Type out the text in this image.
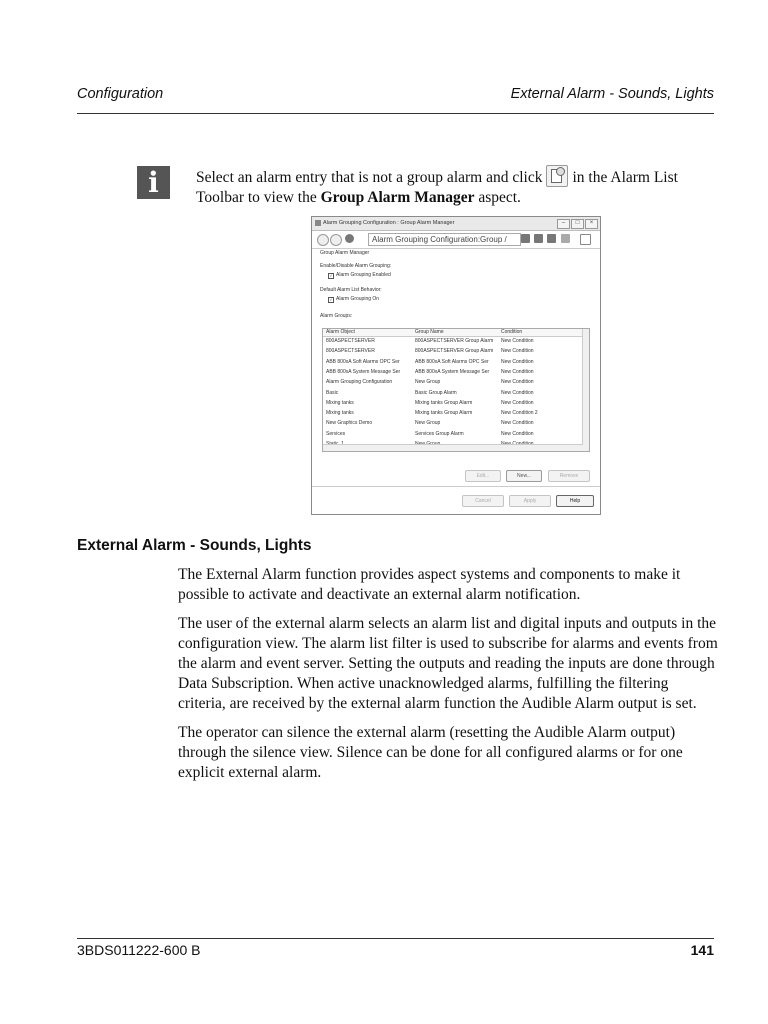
Configuration	External Alarm - Sounds, Lights
i	Select an alarm entry that is not a group alarm and click in the Alarm List Toolbar to view the Group Alarm Manager aspect.
Alarm Grouping Configuration : Group Alarm Manager	– □ ×
Alarm Grouping Configuration:Group /
Group Alarm Manager
Enable/Disable Alarm Grouping:
✓ Alarm Grouping Enabled
Default Alarm List Behavior:
✓ Alarm Grouping On
Alarm Groups:
Alarm Object	Group Name	Condition
800ASPECTSERVER	800ASPECTSERVER Group Alarm	New Condition
800ASPECTSERVER	800ASPECTSERVER Group Alarm	New Condition
ABB 800xA Soft Alarms OPC Ser	ABB 800xA Soft Alarms OPC Ser	New Condition
ABB 800xA System Message Ser	ABB 800xA System Message Ser	New Condition
Alarm Grouping Configuration	New Group	New Condition
Basic	Basic Group Alarm	New Condition
Mixing tanks	Mixing tanks Group Alarm	New Condition
Mixing tanks	Mixing tanks Group Alarm	New Condition 2
New Graphics Demo	New Group	New Condition
Services	Services Group Alarm	New Condition
Edit...	New...	Remove
Cancel	Apply	Help
External Alarm - Sounds, Lights

The External Alarm function provides aspect systems and components to make it possible to activate and deactivate an external alarm notification.

The user of the external alarm selects an alarm list and digital inputs and outputs in the configuration view. The alarm list filter is used to subscribe for alarms and events from the alarm and event server. Setting the outputs and reading the inputs are done through Data Subscription. When active unacknowledged alarms, fulfilling the filtering criteria, are received by the external alarm function the Audible Alarm output is set.

The operator can silence the external alarm (resetting the Audible Alarm output) through the silence view. Silence can be done for all configured alarms or for one explicit external alarm.

3BDS011222-600 B	141
